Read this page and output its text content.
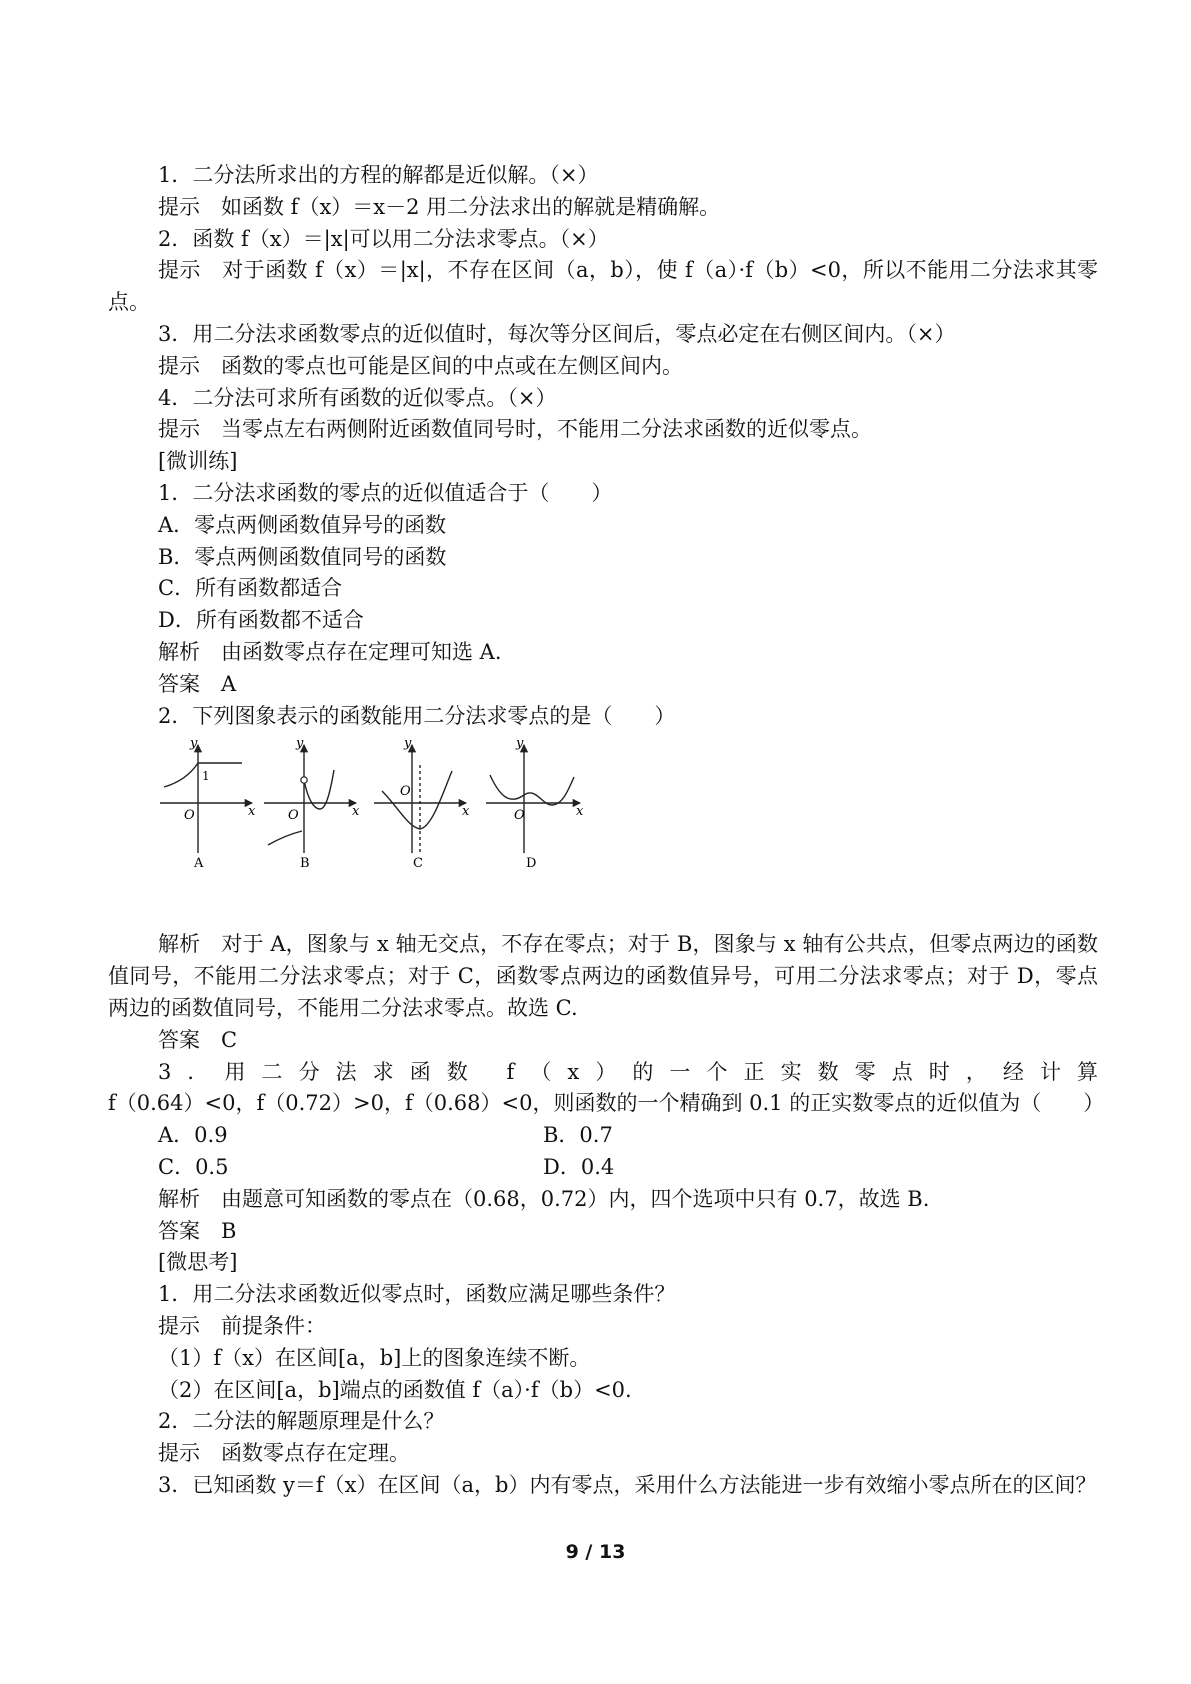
1．二分法所求出的方程的解都是近似解。（×）
提示　如函数 f（x）＝x－2 用二分法求出的解就是精确解。
2．函数 f（x）＝|x|可以用二分法求零点。（×）
提示　对于函数 f（x）＝|x|，不存在区间（a，b），使 f（a）·f（b）<0，所以不能用二分法求其零点。
3．用二分法求函数零点的近似值时，每次等分区间后，零点必定在右侧区间内。（×）
提示　函数的零点也可能是区间的中点或在左侧区间内。
4．二分法可求所有函数的近似零点。（×）
提示　当零点左右两侧附近函数值同号时，不能用二分法求函数的近似零点。
[微训练]
1．二分法求函数的零点的近似值适合于（　　）
A．零点两侧函数值异号的函数
B．零点两侧函数值同号的函数
C．所有函数都适合
D．所有函数都不适合
解析　由函数零点存在定理可知选 A.
答案　A
2．下列图象表示的函数能用二分法求零点的是（　　）
y
x
O
1
A
y
x
O
B
y
x
O
C
y
x
O
D
解析　对于 A，图象与 x 轴无交点，不存在零点；对于 B，图象与 x 轴有公共点，但零点两边的函数值同号，不能用二分法求零点；对于 C，函数零点两边的函数值异号，可用二分法求零点；对于 D，零点两边的函数值同号，不能用二分法求零点。故选 C.
答案　C
3．用二分法求函数 f（x）的一个正实数零点时，经计算
f（0.64）<0，f（0.72）>0，f（0.68）<0，则函数的一个精确到 0.1 的正实数零点的近似值为（　　）
A．0.9	B．0.7
C．0.5	D．0.4
解析　由题意可知函数的零点在（0.68，0.72）内，四个选项中只有 0.7，故选 B.
答案　B
[微思考]
1．用二分法求函数近似零点时，函数应满足哪些条件？
提示　前提条件：
（1）f（x）在区间[a，b]上的图象连续不断。
（2）在区间[a，b]端点的函数值 f（a）·f（b）<0.
2．二分法的解题原理是什么？
提示　函数零点存在定理。
3．已知函数 y＝f（x）在区间（a，b）内有零点，采用什么方法能进一步有效缩小零点所在的区间？
9 / 13
